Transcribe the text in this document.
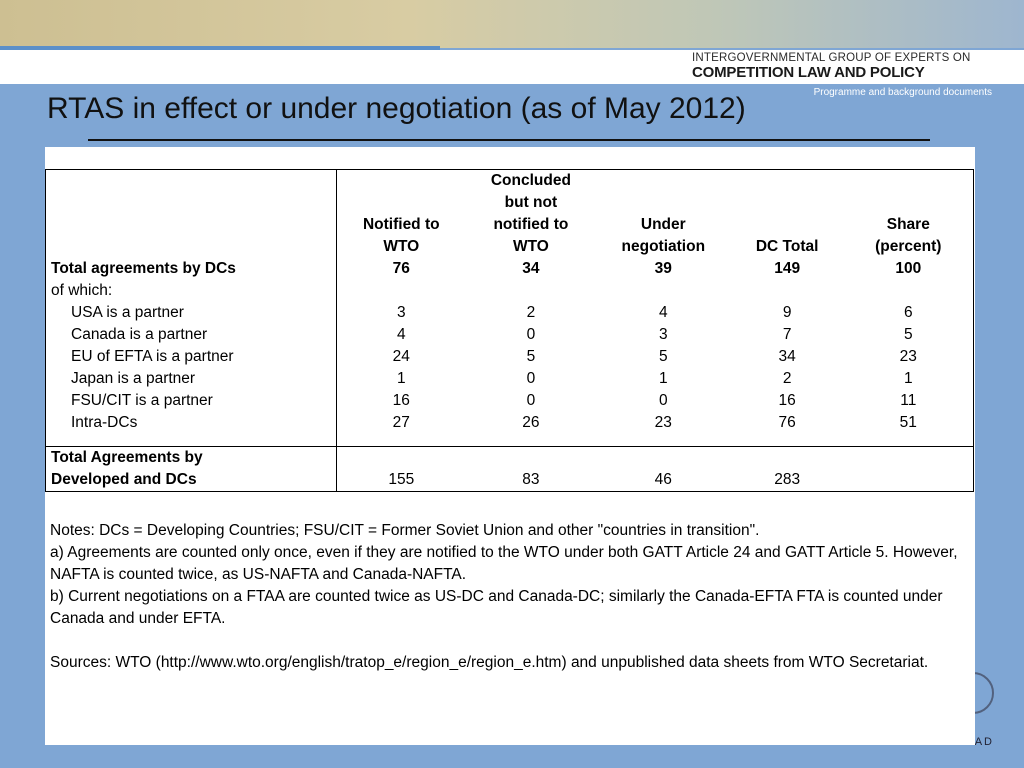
INTERGOVERNMENTAL GROUP OF EXPERTS ON
COMPETITION LAW AND POLICY
Programme and background documents
RTAS in effect or under negotiation (as of May 2012)
AD
		Concluded			
		but not			
	Notified to	notified to	Under		Share
	WTO	WTO	negotiation	DC Total	(percent)
Total agreements by DCs	76	34	39	149	100
of which:					
USA is a partner	3	2	4	9	6
Canada is a partner	4	0	3	7	5
EU of EFTA is a partner	24	5	5	34	23
Japan is a partner	1	0	1	2	1
FSU/CIT is a partner	16	0	0	16	11
Intra-DCs	27	26	23	76	51

Total Agreements by					
Developed and DCs	155	83	46	283	

Notes: DCs = Developing Countries; FSU/CIT = Former Soviet Union and other "countries in transition".

a) Agreements are counted only once, even if they are notified to the WTO under both GATT Article 24 and GATT Article 5. However, NAFTA is counted twice, as US-NAFTA and Canada-NAFTA.

b) Current negotiations on a FTAA are counted twice as US-DC and Canada-DC; similarly the Canada-EFTA FTA is counted under Canada and under EFTA.

Sources: WTO (http://www.wto.org/english/tratop_e/region_e/region_e.htm) and unpublished data sheets from WTO Secretariat.
